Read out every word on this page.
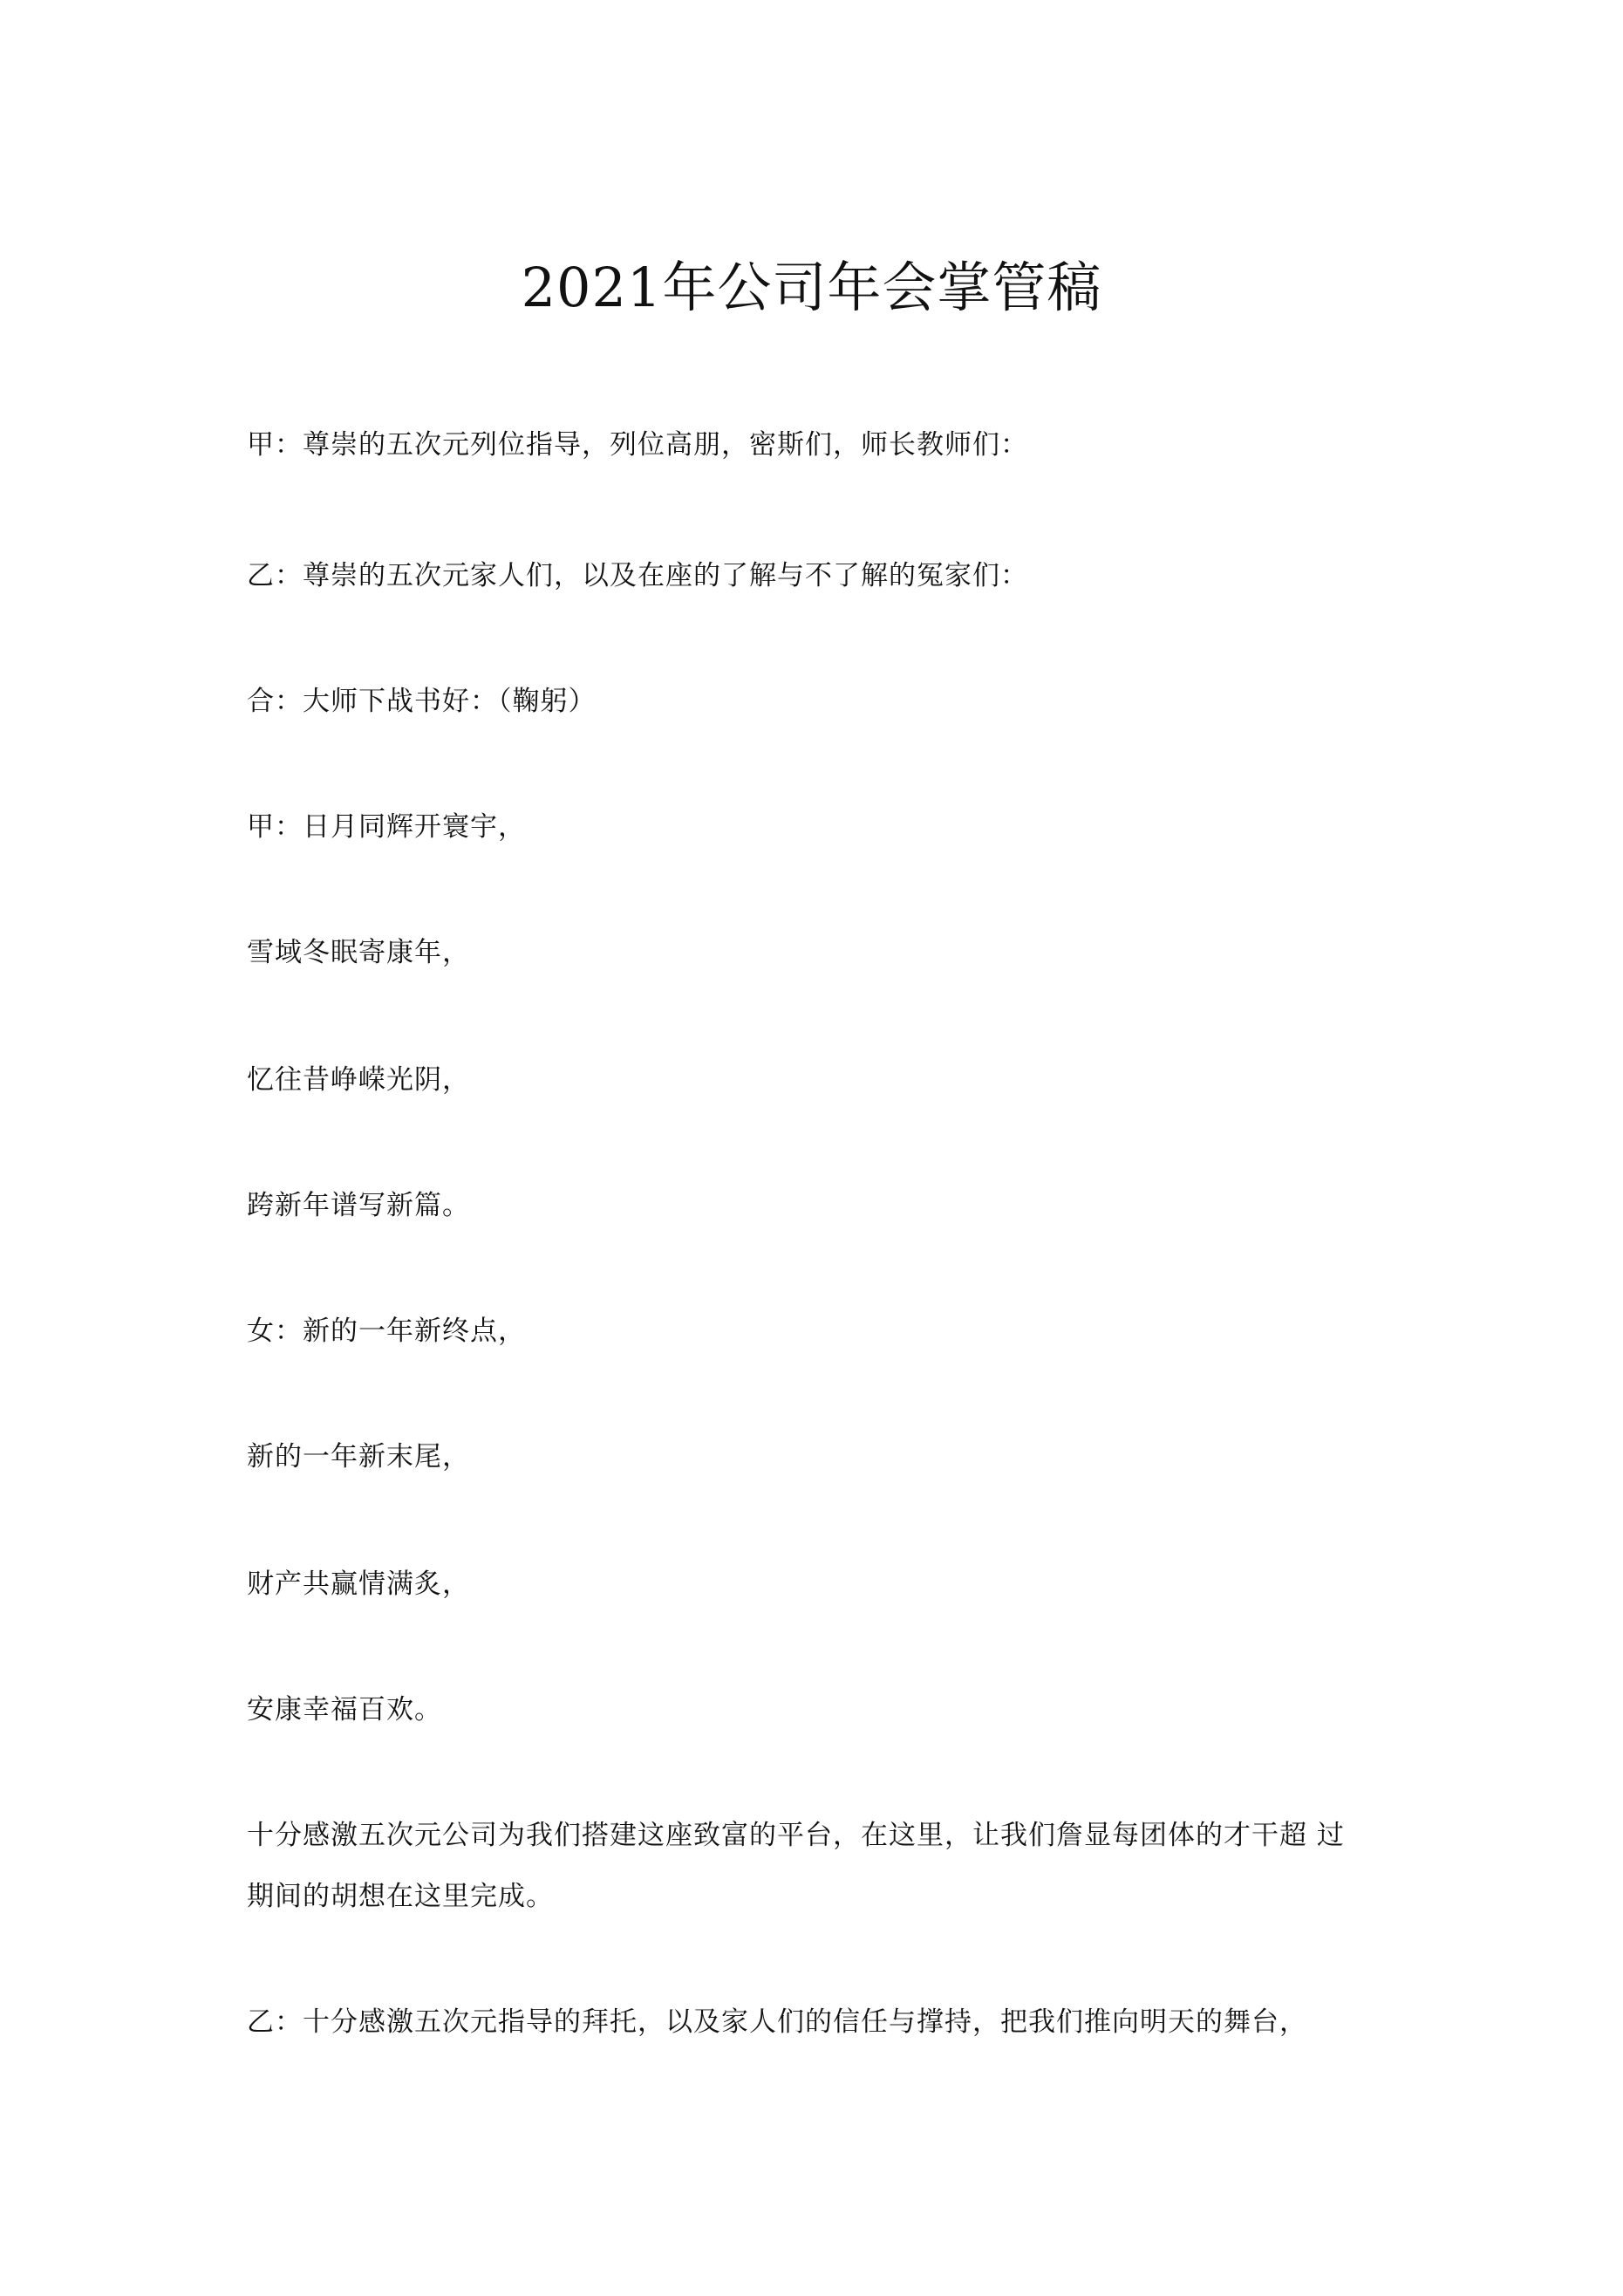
2021年公司年会掌管稿

甲：尊崇的五次元列位指导，列位高朋，密斯们，师长教师们：

乙：尊崇的五次元家人们，以及在座的了解与不了解的冤家们：

合：大师下战书好：（鞠躬）

甲：日月同辉开寰宇，

雪域冬眠寄康年，

忆往昔峥嵘光阴，

跨新年谱写新篇。

女：新的一年新终点，

新的一年新末尾，

财产共赢情满炙，

安康幸福百欢。

十分感激五次元公司为我们搭建这座致富的平台，在这里，让我们詹显每团体的才干超 过

期间的胡想在这里完成。

乙：十分感激五次元指导的拜托，以及家人们的信任与撑持，把我们推向明天的舞台，
